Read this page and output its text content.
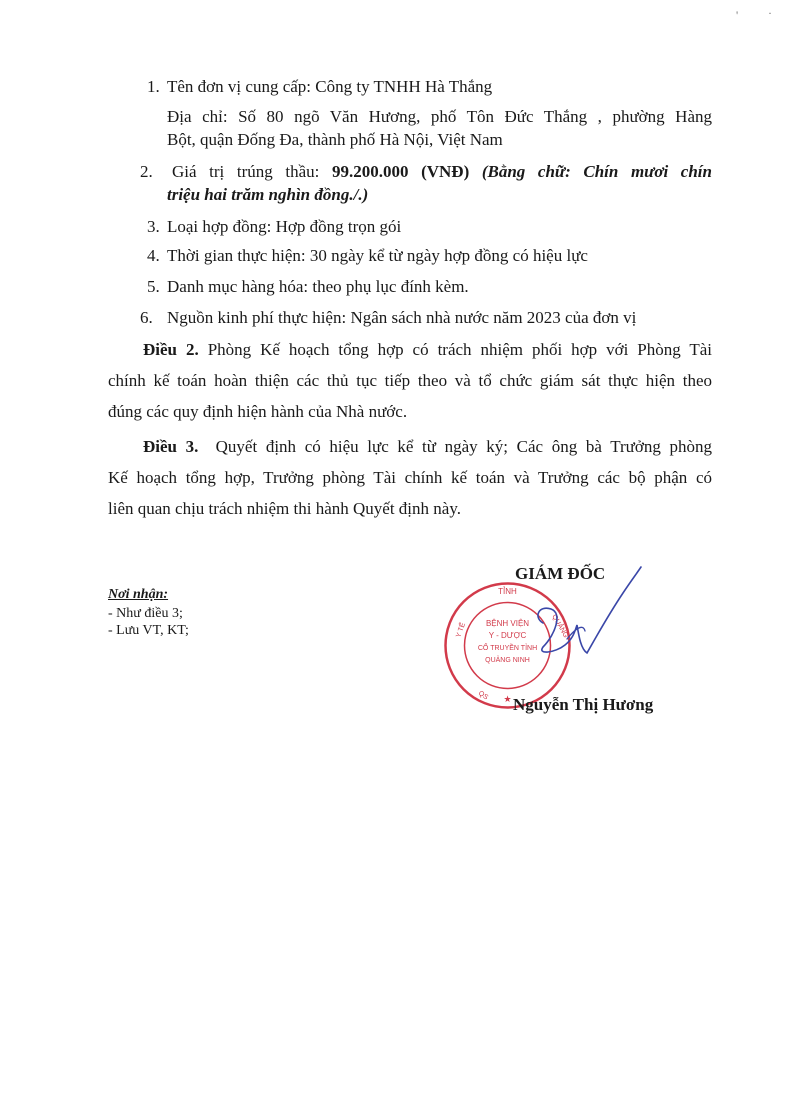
' ·
1. Tên đơn vị cung cấp: Công ty TNHH Hà Thắng
Địa chỉ: Số 80 ngõ Văn Hương, phố Tôn Đức Thắng , phường Hàng
Bột, quận Đống Đa, thành phố Hà Nội, Việt Nam
2. Giá trị trúng thầu: 99.200.000 (VNĐ) (Bằng chữ: Chín mươi chín
triệu hai trăm nghìn đồng./.)
3. Loại hợp đồng: Hợp đồng trọn gói
4. Thời gian thực hiện: 30 ngày kể từ ngày hợp đồng có hiệu lực
5. Danh mục hàng hóa: theo phụ lục đính kèm.
6. Nguồn kinh phí thực hiện: Ngân sách nhà nước năm 2023 của đơn vị
Điều 2. Phòng Kế hoạch tổng hợp có trách nhiệm phối hợp với Phòng Tài
chính kế toán hoàn thiện các thủ tục tiếp theo và tổ chức giám sát thực hiện theo
đúng các quy định hiện hành của Nhà nước.
Điều 3. Quyết định có hiệu lực kể từ ngày ký; Các ông bà Trưởng phòng
Kế hoạch tổng hợp, Trưởng phòng Tài chính kế toán và Trưởng các bộ phận có
liên quan chịu trách nhiệm thi hành Quyết định này.
Nơi nhận:
- Như điều 3;
- Lưu VT, KT;
GIÁM ĐỐC
TỈNH
Y TẾ	QUẢNG
BỆNH VIỆN
Y - DƯỢC
CỔ TRUYỀN TỈNH
QUẢNG NINH
★
QS Nguyễn Thị Hương
